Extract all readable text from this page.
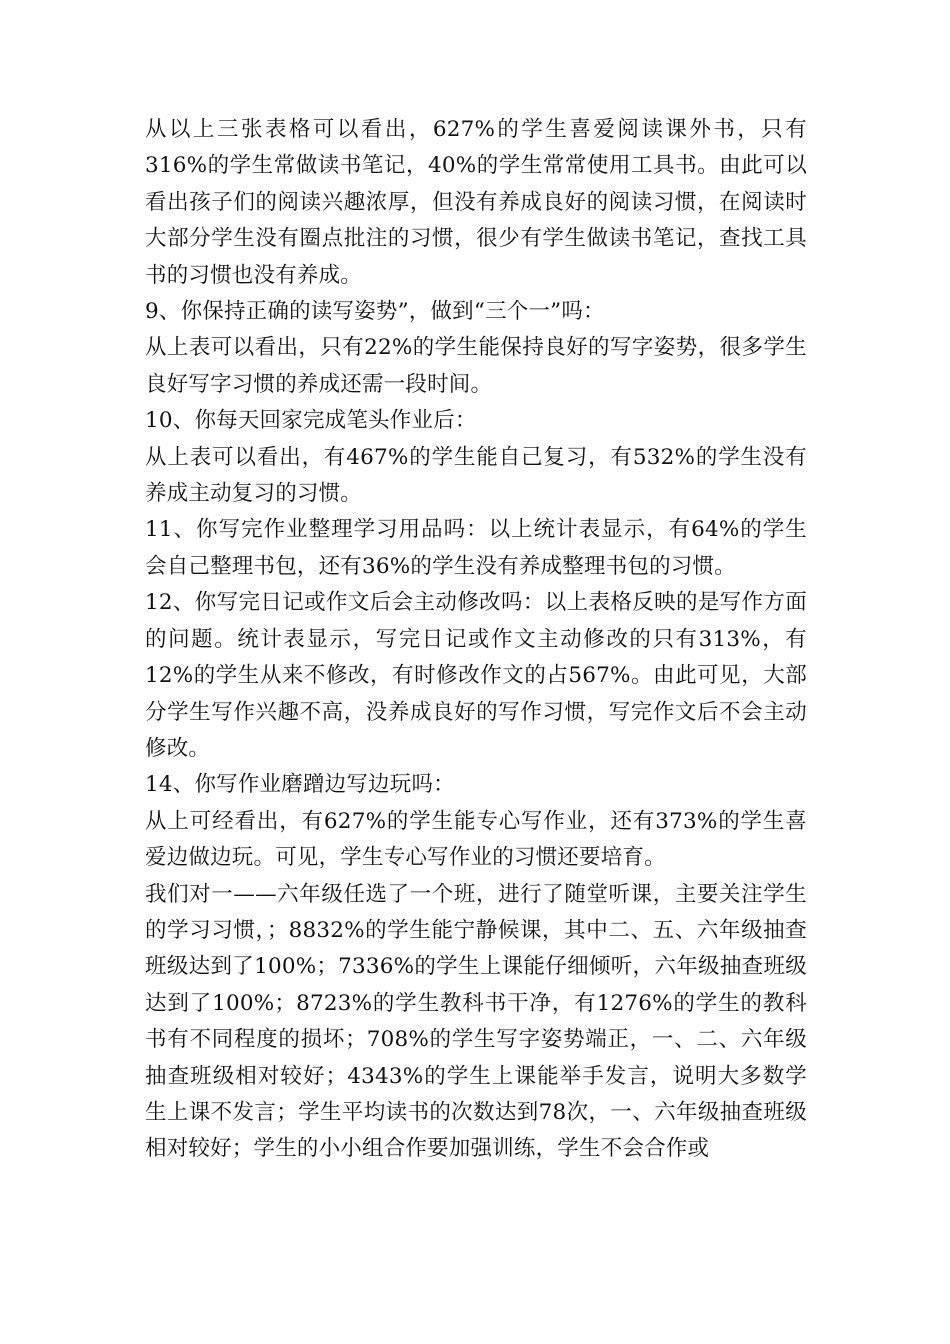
从以上三张表格可以看出，627%的学生喜爱阅读课外书，只有316%的学生常做读书笔记，40%的学生常常使用工具书。由此可以看出孩子们的阅读兴趣浓厚，但没有养成良好的阅读习惯，在阅读时大部分学生没有圈点批注的习惯，很少有学生做读书笔记，查找工具书的习惯也没有养成。

9、你保持正确的读写姿势”，做到“三个一”吗：

从上表可以看出，只有22%的学生能保持良好的写字姿势，很多学生良好写字习惯的养成还需一段时间。

10、你每天回家完成笔头作业后：

从上表可以看出，有467%的学生能自己复习，有532%的学生没有养成主动复习的习惯。

11、你写完作业整理学习用品吗：以上统计表显示，有64%的学生会自己整理书包，还有36%的学生没有养成整理书包的习惯。

12、你写完日记或作文后会主动修改吗：以上表格反映的是写作方面的问题。统计表显示，写完日记或作文主动修改的只有313%，有12%的学生从来不修改，有时修改作文的占567%。由此可见，大部分学生写作兴趣不高，没养成良好的写作习惯，写完作文后不会主动修改。

14、你写作业磨蹭边写边玩吗：

从上可经看出，有627%的学生能专心写作业，还有373%的学生喜爱边做边玩。可见，学生专心写作业的习惯还要培育。

我们对一——六年级任选了一个班，进行了随堂听课，主要关注学生的学习习惯，；8832%的学生能宁静候课，其中二、五、六年级抽查班级达到了100%；7336%的学生上课能仔细倾听，六年级抽查班级达到了100%；8723%的学生教科书干净，有1276%的学生的教科书有不同程度的损坏；708%的学生写字姿势端正，一、二、六年级抽查班级相对较好；4343%的学生上课能举手发言，说明大多数学生上课不发言；学生平均读书的次数达到78次，一、六年级抽查班级相对较好；学生的小小组合作要加强训练，学生不会合作或
